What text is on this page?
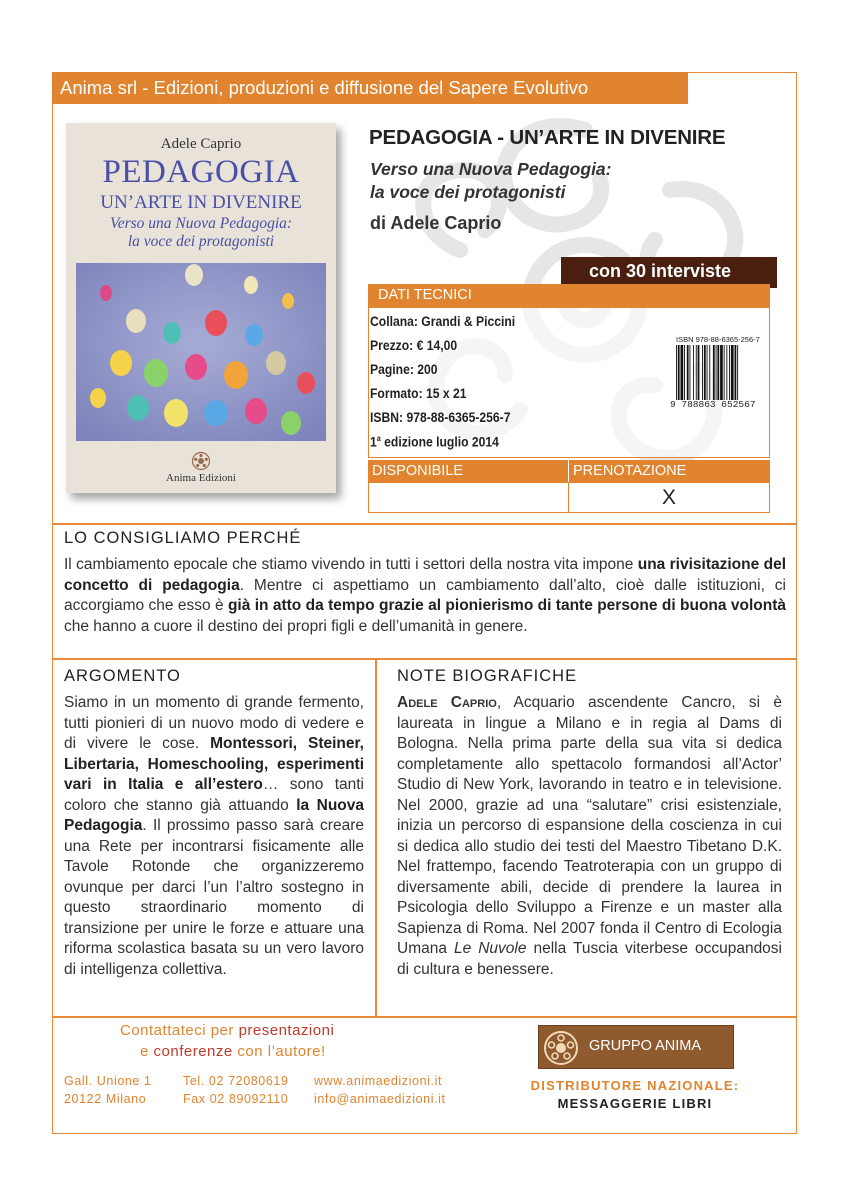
Anima srl - Edizioni, produzioni e diffusione del Sapere Evolutivo
Adele Caprio
PEDAGOGIA
UN’ARTE IN DIVENIRE
Verso una Nuova Pedagogia:
la voce dei protagonisti
Anima Edizioni
PEDAGOGIA - UN’ARTE IN DIVENIRE
Verso una Nuova Pedagogia:
la voce dei protagonisti
di Adele Caprio
con 30 interviste
DATI TECNICI
Collana: Grandi & Piccini
Prezzo: € 14,00
Pagine: 200
Formato: 15 x 21
ISBN: 978-88-6365-256-7
1$^a$ edizione luglio 2014
ISBN 978-88-6365-256-7
9 788863 652567
DISPONIBILE	PRENOTAZIONE
X
LO CONSIGLIAMO PERCHÉ
Il cambiamento epocale che stiamo vivendo in tutti i settori della nostra vita impone una rivisitazione del concetto di pedagogia. Mentre ci aspettiamo un cambiamento dall’alto, cioè dalle istituzioni, ci accorgiamo che esso è già in atto da tempo grazie al pionierismo di tante persone di buona volontà che hanno a cuore il destino dei propri figli e dell’umanità in genere.
ARGOMENTO
Siamo in un momento di grande fermento, tutti pionieri di un nuovo modo di vedere e di vivere le cose. Montessori, Steiner, Libertaria, Homeschooling, esperimenti vari in Italia e all’estero… sono tanti coloro che stanno già attuando la Nuova Pedagogia. Il prossimo passo sarà creare una Rete per incontrarsi fisicamente alle Tavole Rotonde che organizzeremo ovunque per darci l’un l’altro sostegno in questo straordinario momento di transizione per unire le forze e attuare una riforma scolastica basata su un vero lavoro di intelligenza collettiva.
NOTE BIOGRAFICHE
Adele Caprio, Acquario ascendente Cancro, si è laureata in lingue a Milano e in regia al Dams di Bologna. Nella prima parte della sua vita si dedica completamente allo spettacolo formandosi all’Actor’ Studio di New York, lavorando in teatro e in televisione. Nel 2000, grazie ad una “salutare” crisi esistenziale, inizia un percorso di espansione della coscienza in cui si dedica allo studio dei testi del Maestro Tibetano D.K. Nel frattempo, facendo Teatroterapia con un gruppo di diversamente abili, decide di prendere la laurea in Psicologia dello Sviluppo a Firenze e un master alla Sapienza di Roma. Nel 2007 fonda il Centro di Ecologia Umana Le Nuvole nella Tuscia viterbese occupandosi di cultura e benessere.
Contattateci per presentazioni
e conferenze con l’autore!
Gall. Unione 1
20122 Milano
Tel. 02 72080619
Fax 02 89092110
www.animaedizioni.it
info@animaedizioni.it
GRUPPO ANIMA
DISTRIBUTORE NAZIONALE:
MESSAGGERIE LIBRI
